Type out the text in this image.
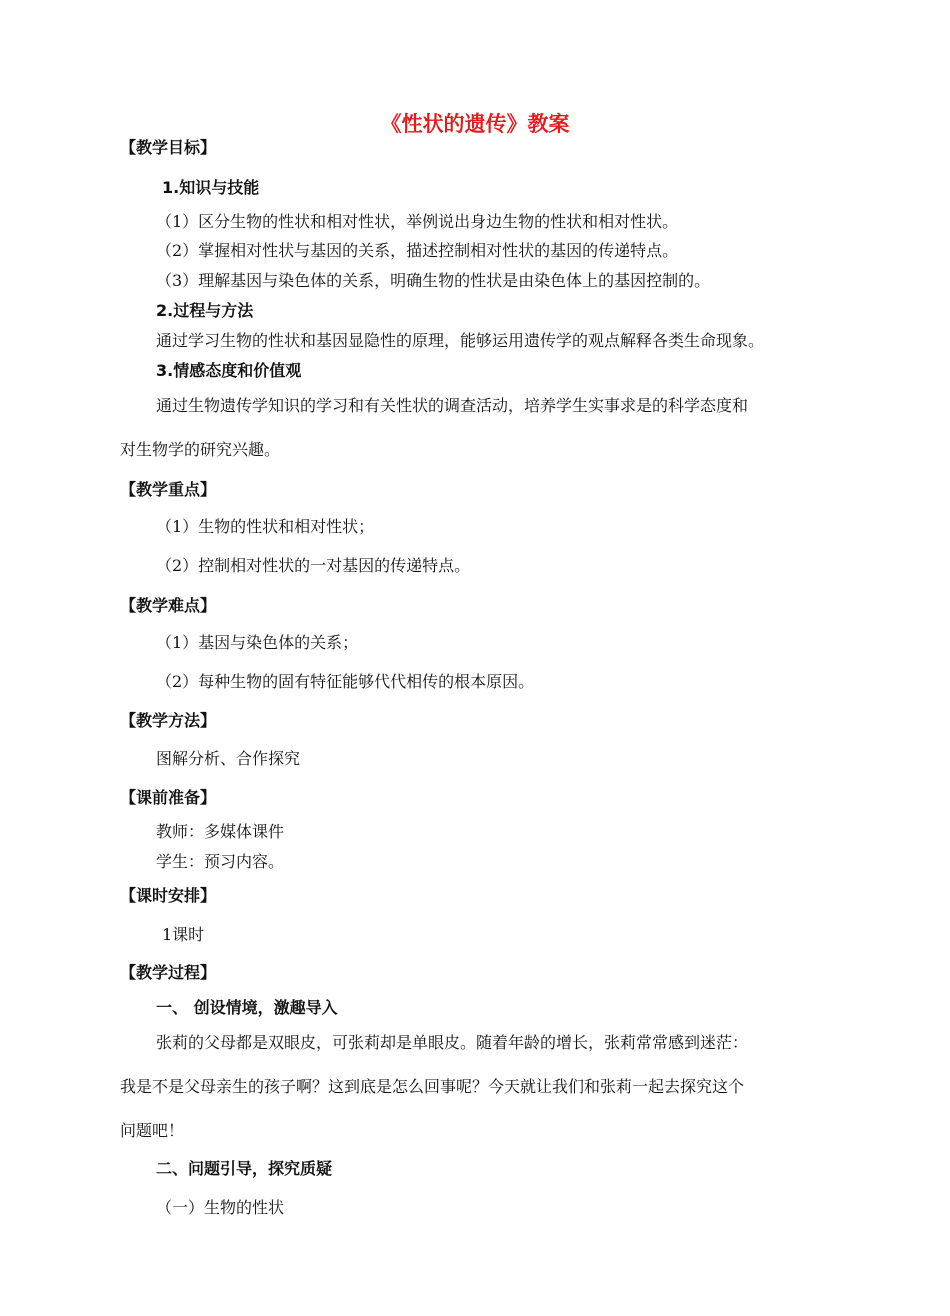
《性状的遗传》教案
【教学目标】
1.知识与技能
（1）区分生物的性状和相对性状，举例说出身边生物的性状和相对性状。
（2）掌握相对性状与基因的关系，描述控制相对性状的基因的传递特点。
（3）理解基因与染色体的关系，明确生物的性状是由染色体上的基因控制的。
2.过程与方法
通过学习生物的性状和基因显隐性的原理，能够运用遗传学的观点解释各类生命现象。
3.情感态度和价值观
通过生物遗传学知识的学习和有关性状的调查活动，培养学生实事求是的科学态度和
对生物学的研究兴趣。
【教学重点】
（1）生物的性状和相对性状；
（2）控制相对性状的一对基因的传递特点。
【教学难点】
（1）基因与染色体的关系；
（2）每种生物的固有特征能够代代相传的根本原因。
【教学方法】
图解分析、合作探究
【课前准备】
教师：多媒体课件
学生：预习内容。
【课时安排】
1课时
【教学过程】
一、 创设情境，激趣导入
张莉的父母都是双眼皮，可张莉却是单眼皮。随着年龄的增长，张莉常常感到迷茫：
我是不是父母亲生的孩子啊？这到底是怎么回事呢？今天就让我们和张莉一起去探究这个
问题吧！
二、问题引导，探究质疑
（一）生物的性状
